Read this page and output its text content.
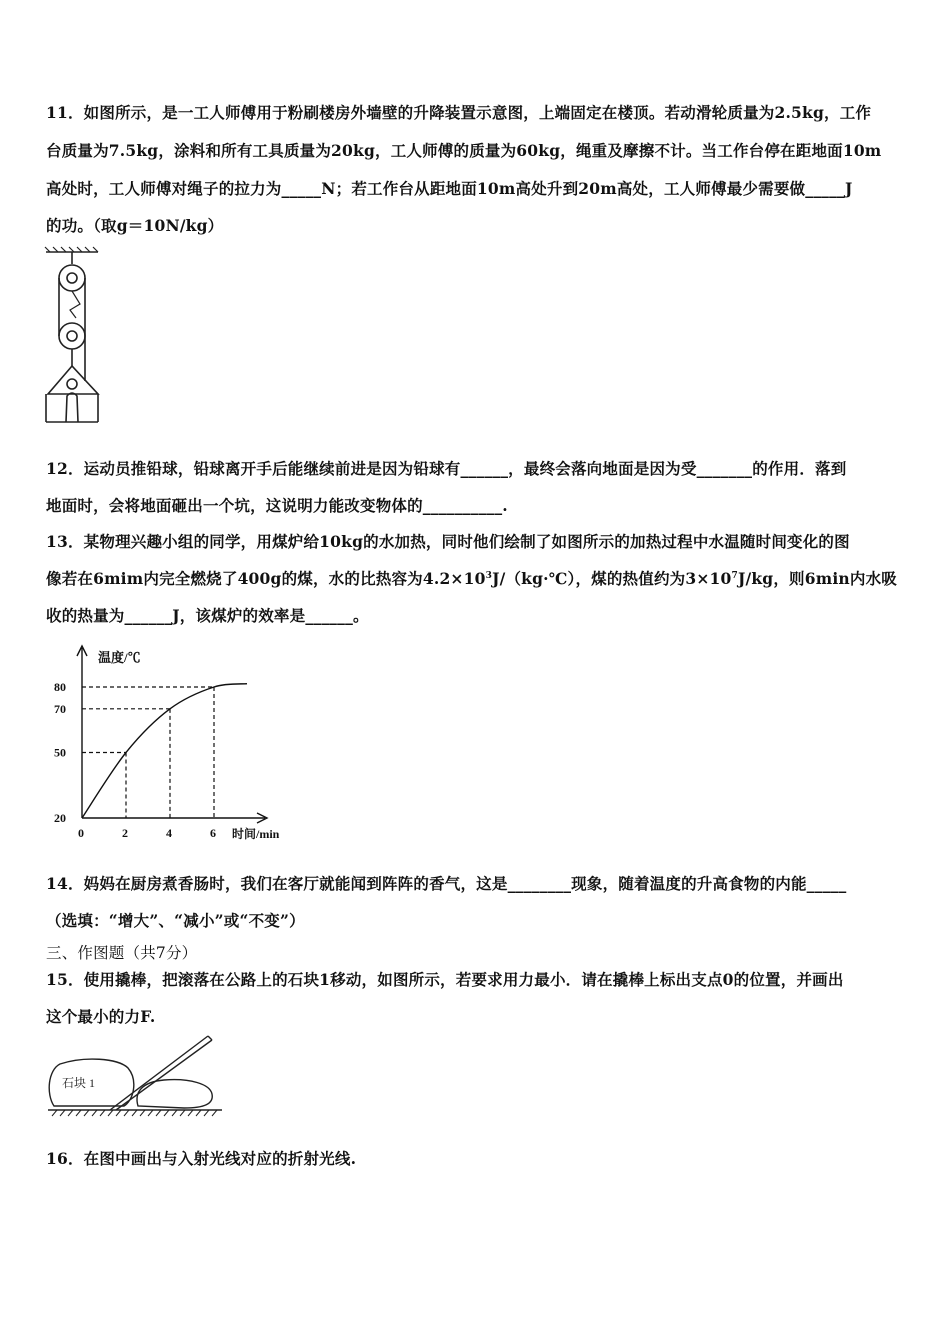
11．如图所示，是一工人师傅用于粉刷楼房外墙壁的升降装置示意图，上端固定在楼顶。若动滑轮质量为2.5kg，工作
台质量为7.5kg，涂料和所有工具质量为20kg，工人师傅的质量为60kg，绳重及摩擦不计。当工作台停在距地面10m
高处时，工人师傅对绳子的拉力为_____N；若工作台从距地面10m高处升到20m高处，工人师傅最少需要做_____J
的功。（取g＝10N/kg）
12．运动员推铅球，铅球离开手后能继续前进是因为铅球有______，最终会落向地面是因为受_______的作用．落到
地面时，会将地面砸出一个坑，这说明力能改变物体的__________.
13．某物理兴趣小组的同学，用煤炉给10kg的水加热，同时他们绘制了如图所示的加热过程中水温随时间变化的图
像若在6mim内完全燃烧了400g的煤，水的比热容为$4.2\times 10^3J/(kg\cdot℃)$，煤的热值约为$3\times 10^7J/kg$，则6min内水吸
收的热量为______J，该煤炉的效率是______。
0	2	4	6
20
50
70
80
温度/℃
时间/min
14．妈妈在厨房煮香肠时，我们在客厅就能闻到阵阵的香气，这是________现象，随着温度的升高食物的内能_____
（选填：“增大”、“减小”或“不变”）
三、作图题（共7分）
15．使用撬棒，把滚落在公路上的石块1移动，如图所示，若要求用力最小．请在撬棒上标出支点0的位置，并画出
这个最小的力F.
石块 1
16．在图中画出与入射光线对应的折射光线.
